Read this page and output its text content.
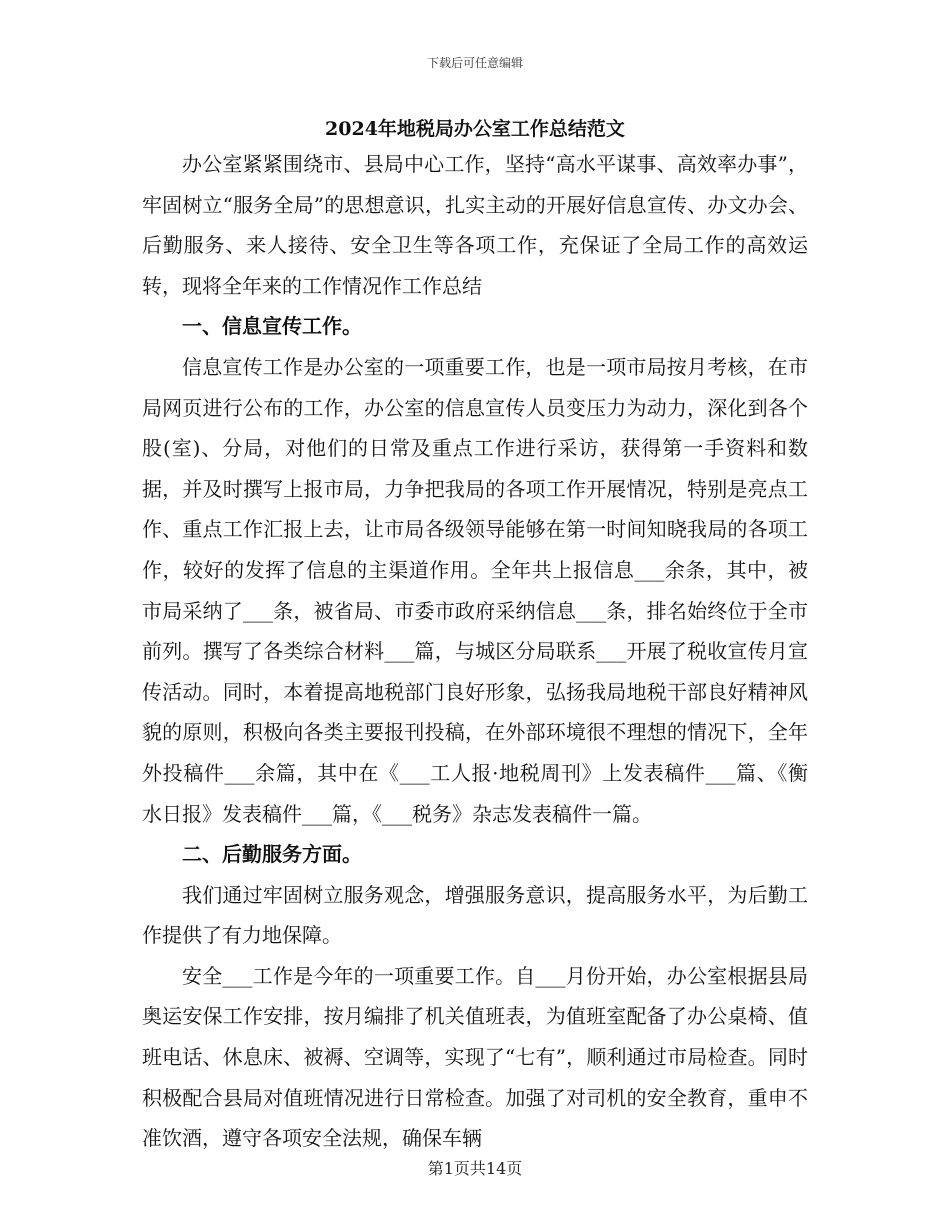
下载后可任意编辑
2024年地税局办公室工作总结范文

办公室紧紧围绕市、县局中心工作，坚持“高水平谋事、高效率办事”，牢固树立“服务全局”的思想意识，扎实主动的开展好信息宣传、办文办会、后勤服务、来人接待、安全卫生等各项工作，充保证了全局工作的高效运转，现将全年来的工作情况作工作总结

一、信息宣传工作。

信息宣传工作是办公室的一项重要工作，也是一项市局按月考核，在市局网页进行公布的工作，办公室的信息宣传人员变压力为动力，深化到各个股(室)、分局，对他们的日常及重点工作进行采访，获得第一手资料和数据，并及时撰写上报市局，力争把我局的各项工作开展情况，特别是亮点工作、重点工作汇报上去，让市局各级领导能够在第一时间知晓我局的各项工作，较好的发挥了信息的主渠道作用。全年共上报信息___余条，其中，被市局采纳了___条，被省局、市委市政府采纳信息___条，排名始终位于全市前列。撰写了各类综合材料___篇，与城区分局联系___开展了税收宣传月宣传活动。同时，本着提高地税部门良好形象，弘扬我局地税干部良好精神风貌的原则，积极向各类主要报刊投稿，在外部环境很不理想的情况下，全年外投稿件___余篇，其中在《___工人报·地税周刊》上发表稿件___篇、《衡水日报》发表稿件___篇，《___税务》杂志发表稿件一篇。

二、后勤服务方面。

我们通过牢固树立服务观念，增强服务意识，提高服务水平，为后勤工作提供了有力地保障。

安全___工作是今年的一项重要工作。自___月份开始，办公室根据县局奥运安保工作安排，按月编排了机关值班表，为值班室配备了办公桌椅、值班电话、休息床、被褥、空调等，实现了“七有”，顺利通过市局检查。同时积极配合县局对值班情况进行日常检查。加强了对司机的安全教育，重申不准饮酒，遵守各项安全法规，确保车辆

第1页共14页
